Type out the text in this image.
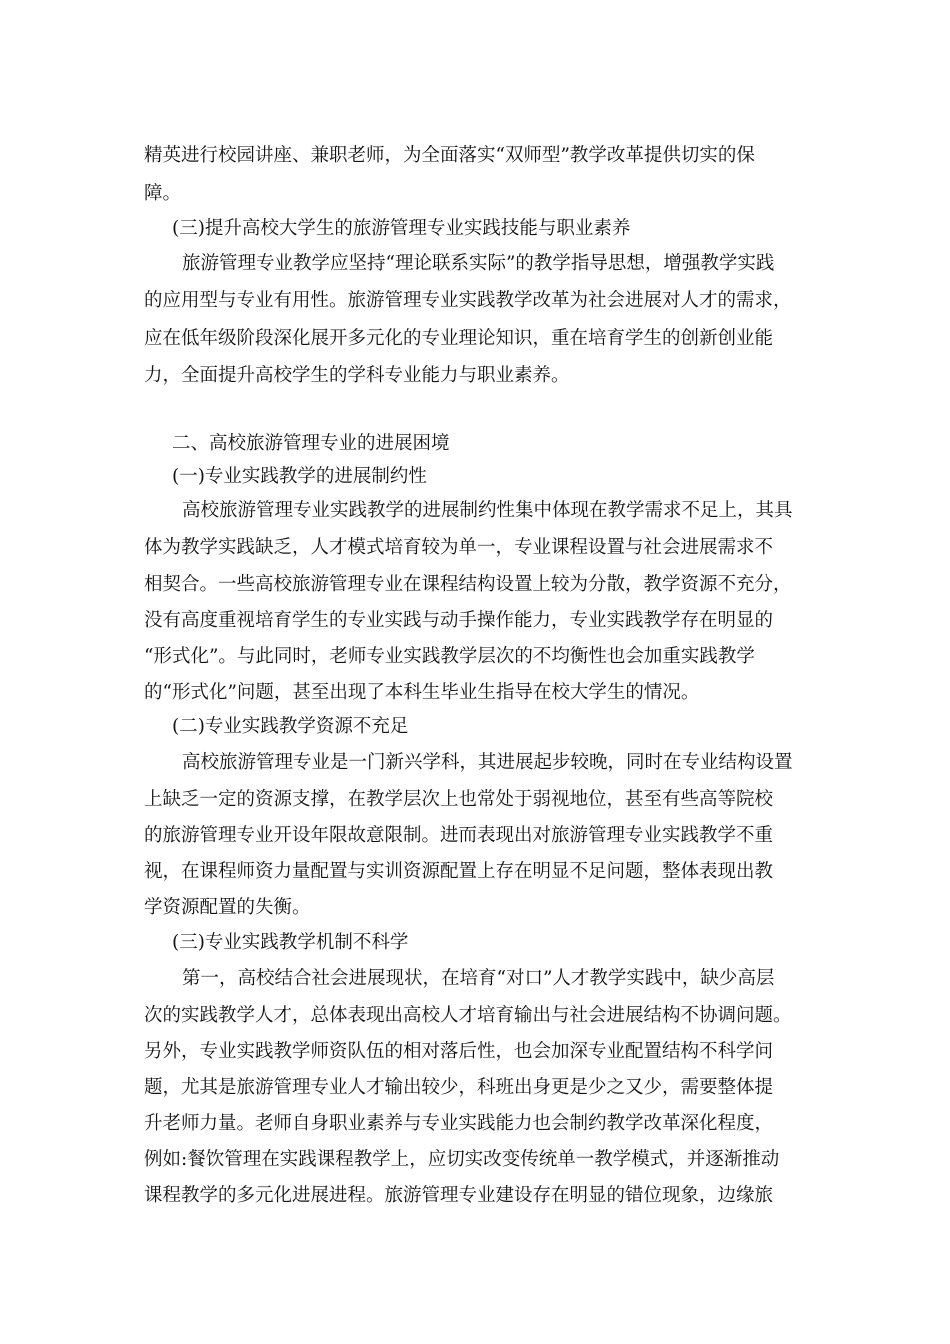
精英进行校园讲座、兼职老师，为全面落实“双师型”教学改革提供切实的保

障。

(三)提升高校大学生的旅游管理专业实践技能与职业素养

旅游管理专业教学应坚持“理论联系实际”的教学指导思想，增强教学实践

的应用型与专业有用性。旅游管理专业实践教学改革为社会进展对人才的需求，

应在低年级阶段深化展开多元化的专业理论知识，重在培育学生的创新创业能

力，全面提升高校学生的学科专业能力与职业素养。

二、高校旅游管理专业的进展困境

(一)专业实践教学的进展制约性

高校旅游管理专业实践教学的进展制约性集中体现在教学需求不足上，其具

体为教学实践缺乏，人才模式培育较为单一，专业课程设置与社会进展需求不

相契合。一些高校旅游管理专业在课程结构设置上较为分散，教学资源不充分，

没有高度重视培育学生的专业实践与动手操作能力，专业实践教学存在明显的

“形式化”。与此同时，老师专业实践教学层次的不均衡性也会加重实践教学

的“形式化”问题，甚至出现了本科生毕业生指导在校大学生的情况。

(二)专业实践教学资源不充足

高校旅游管理专业是一门新兴学科，其进展起步较晚，同时在专业结构设置

上缺乏一定的资源支撑，在教学层次上也常处于弱视地位，甚至有些高等院校

的旅游管理专业开设年限故意限制。进而表现出对旅游管理专业实践教学不重

视，在课程师资力量配置与实训资源配置上存在明显不足问题，整体表现出教

学资源配置的失衡。

(三)专业实践教学机制不科学

第一，高校结合社会进展现状，在培育“对口”人才教学实践中，缺少高层

次的实践教学人才，总体表现出高校人才培育输出与社会进展结构不协调问题。

另外，专业实践教学师资队伍的相对落后性，也会加深专业配置结构不科学问

题，尤其是旅游管理专业人才输出较少，科班出身更是少之又少，需要整体提

升老师力量。老师自身职业素养与专业实践能力也会制约教学改革深化程度，

例如:餐饮管理在实践课程教学上，应切实改变传统单一教学模式，并逐渐推动

课程教学的多元化进展进程。旅游管理专业建设存在明显的错位现象，边缘旅
